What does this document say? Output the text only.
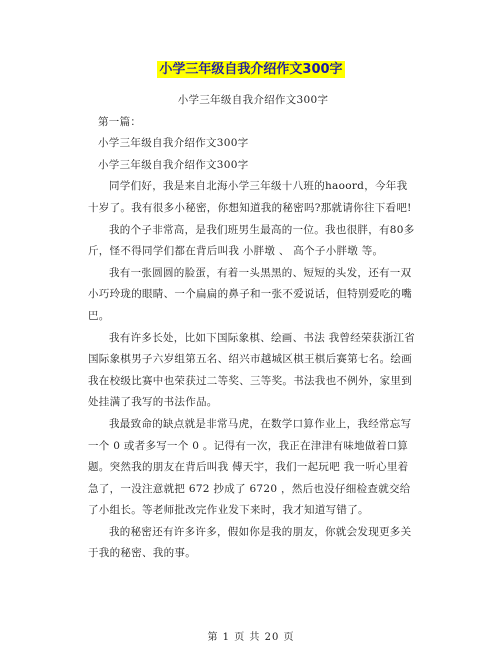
小学三年级自我介绍作文300字

小学三年级自我介绍作文300字

第一篇：

小学三年级自我介绍作文300字

小学三年级自我介绍作文300字

同学们好，我是来自北海小学三年级十八班的haoord，今年我十岁了。我有很多小秘密，你想知道我的秘密吗?那就请你往下看吧!

我的个子非常高，是我们班男生最高的一位。我也很胖，有80多斤，怪不得同学们都在背后叫我 小胖墩 、 高个子小胖墩 等。

我有一张圆圆的脸蛋，有着一头黑黑的、短短的头发，还有一双小巧玲珑的眼睛、一个扁扁的鼻子和一张不爱说话，但特别爱吃的嘴巴。

我有许多长处，比如下国际象棋、绘画、书法 我曾经荣获浙江省国际象棋男子六岁组第五名、绍兴市越城区棋王棋后赛第七名。绘画我在校级比赛中也荣获过二等奖、三等奖。书法我也不例外，家里到处挂满了我写的书法作品。

我最致命的缺点就是非常马虎，在数学口算作业上，我经常忘写一个 0 或者多写一个 0 。记得有一次，我正在津津有味地做着口算题。突然我的朋友在背后叫我 傅天宇，我们一起玩吧 我一听心里着急了，一没注意就把 672 抄成了 6720 ，然后也没仔细检查就交给了小组长。等老师批改完作业发下来时，我才知道写错了。

我的秘密还有许多许多，假如你是我的朋友，你就会发现更多关于我的秘密、我的事。

第 1 页 共 20 页
